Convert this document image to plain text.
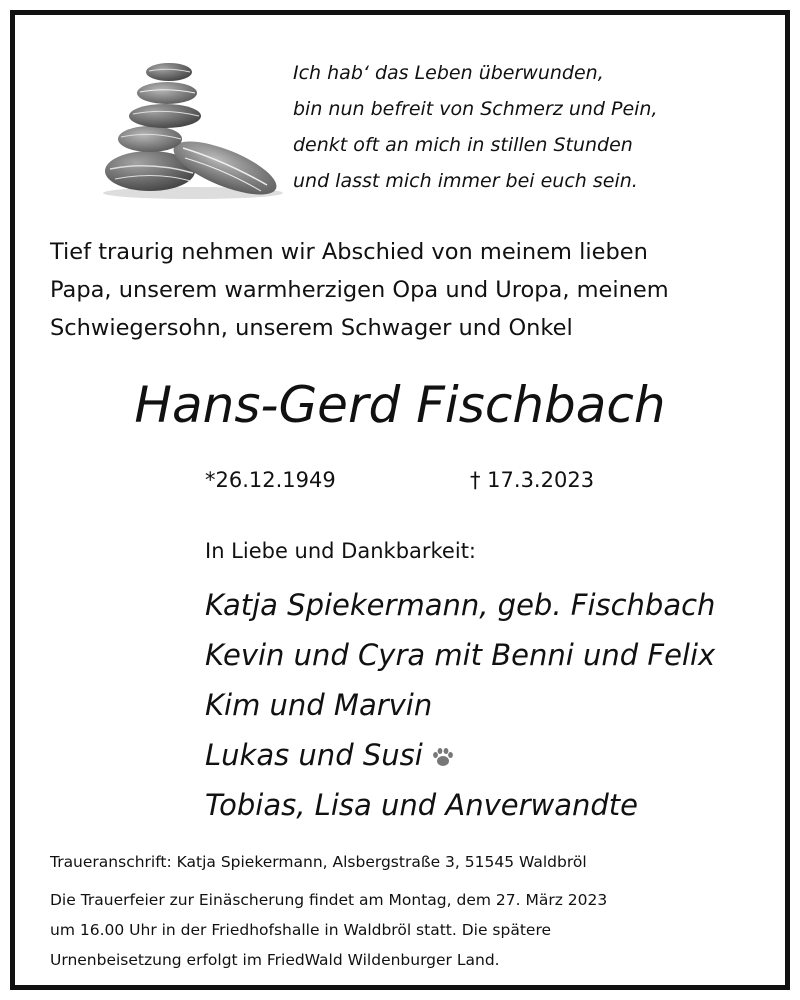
Ich hab‘ das Leben überwunden,
bin nun befreit von Schmerz und Pein,
denkt oft an mich in stillen Stunden
und lasst mich immer bei euch sein.
Tief traurig nehmen wir Abschied von meinem lieben
Papa, unserem warmherzigen Opa und Uropa, meinem
Schwiegersohn, unserem Schwager und Onkel
Hans-Gerd Fischbach
*26.12.1949	† 17.3.2023
In Liebe und Dankbarkeit:
Katja Spiekermann, geb. Fischbach
Kevin und Cyra mit Benni und Felix
Kim und Marvin
Lukas und Susi
Tobias, Lisa und Anverwandte
Traueranschrift: Katja Spiekermann, Alsbergstraße 3, 51545 Waldbröl
Die Trauerfeier zur Einäscherung findet am Montag, dem 27. März 2023
um 16.00 Uhr in der Friedhofshalle in Waldbröl statt. Die spätere
Urnenbeisetzung erfolgt im FriedWald Wildenburger Land.
